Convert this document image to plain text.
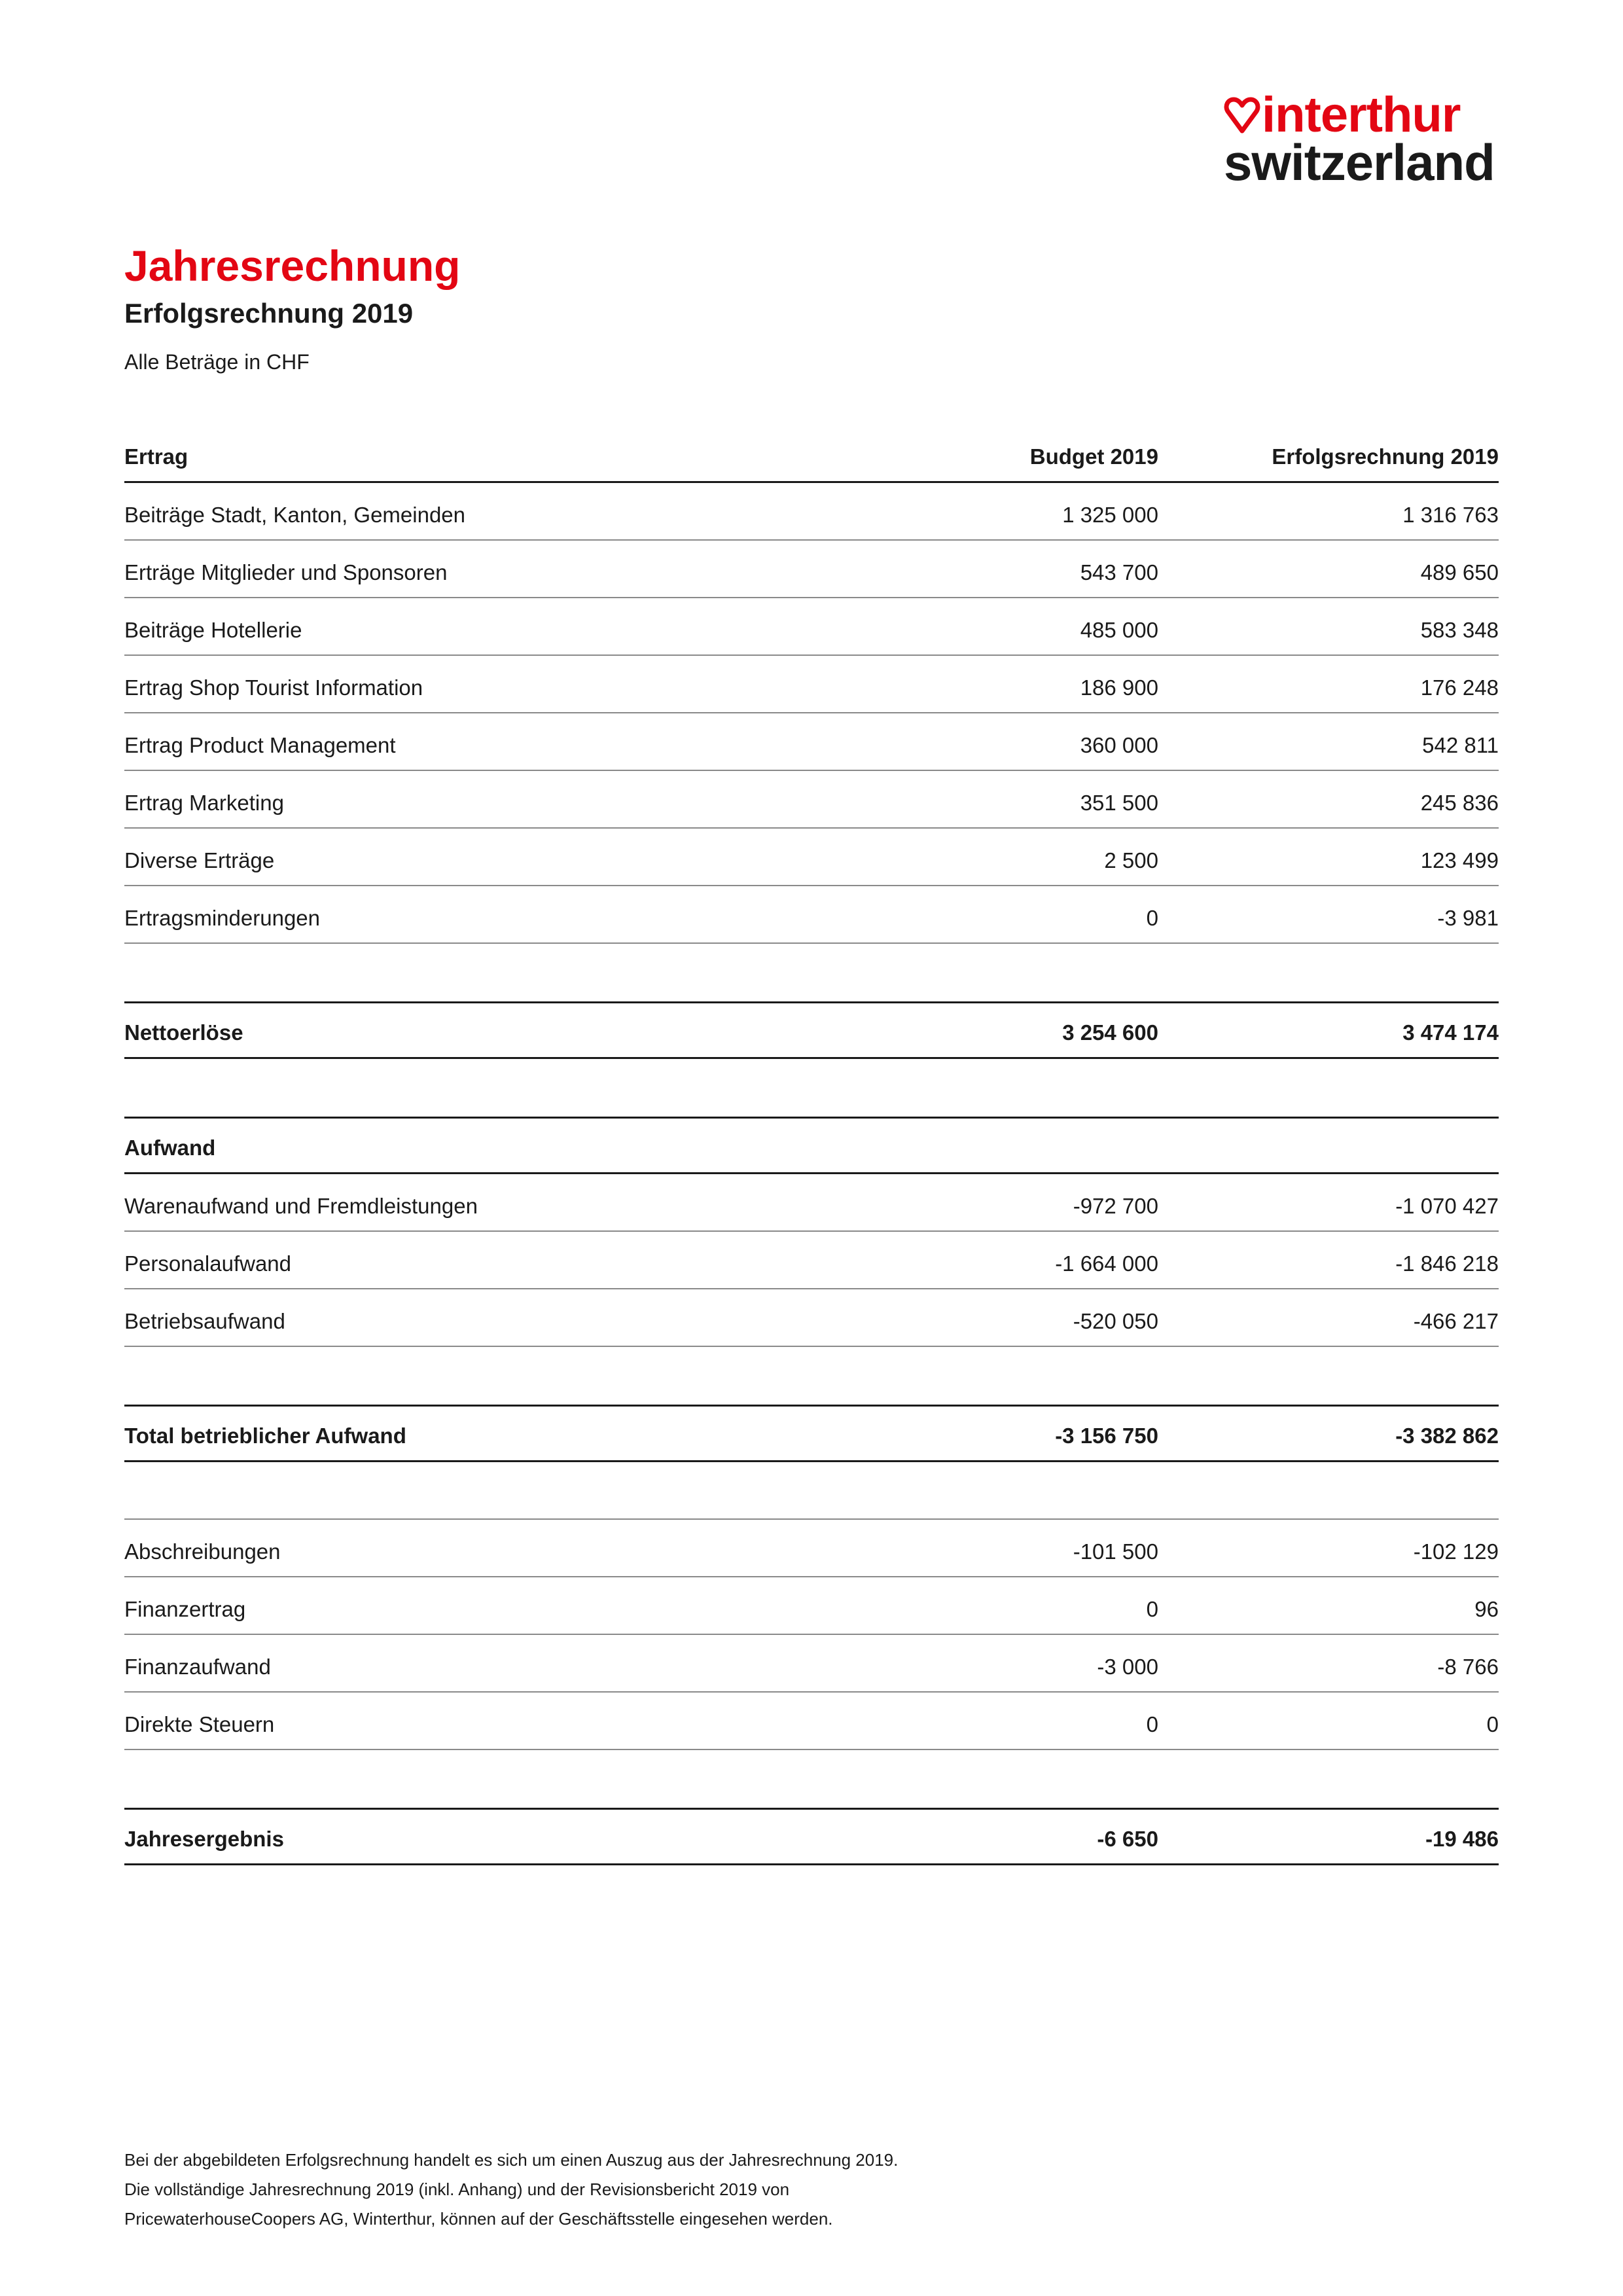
interthur
switzerland
Jahresrechnung
Erfolgsrechnung 2019
Alle Beträge in CHF
Ertrag	Budget 2019	Erfolgsrechnung 2019
Beiträge Stadt, Kanton, Gemeinden	1 325 000	1 316 763
Erträge Mitglieder und Sponsoren	543 700	489 650
Beiträge Hotellerie	485 000	583 348
Ertrag Shop Tourist Information	186 900	176 248
Ertrag Product Management	360 000	542 811
Ertrag Marketing	351 500	245 836
Diverse Erträge	2 500	123 499
Ertragsminderungen	0	-3 981
Nettoerlöse	3 254 600	3 474 174
Aufwand
Warenaufwand und Fremdleistungen	-972 700	-1 070 427
Personalaufwand	-1 664 000	-1 846 218
Betriebsaufwand	-520 050	-466 217
Total betrieblicher Aufwand	-3 156 750	-3 382 862
Abschreibungen	-101 500	-102 129
Finanzertrag	0	96
Finanzaufwand	-3 000	-8 766
Direkte Steuern	0	0
Jahresergebnis	-6 650	-19 486
Bei der abgebildeten Erfolgsrechnung handelt es sich um einen Auszug aus der Jahresrechnung 2019.
Die vollständige Jahresrechnung 2019 (inkl. Anhang) und der Revisionsbericht 2019 von
PricewaterhouseCoopers AG, Winterthur, können auf der Geschäftsstelle eingesehen werden.
